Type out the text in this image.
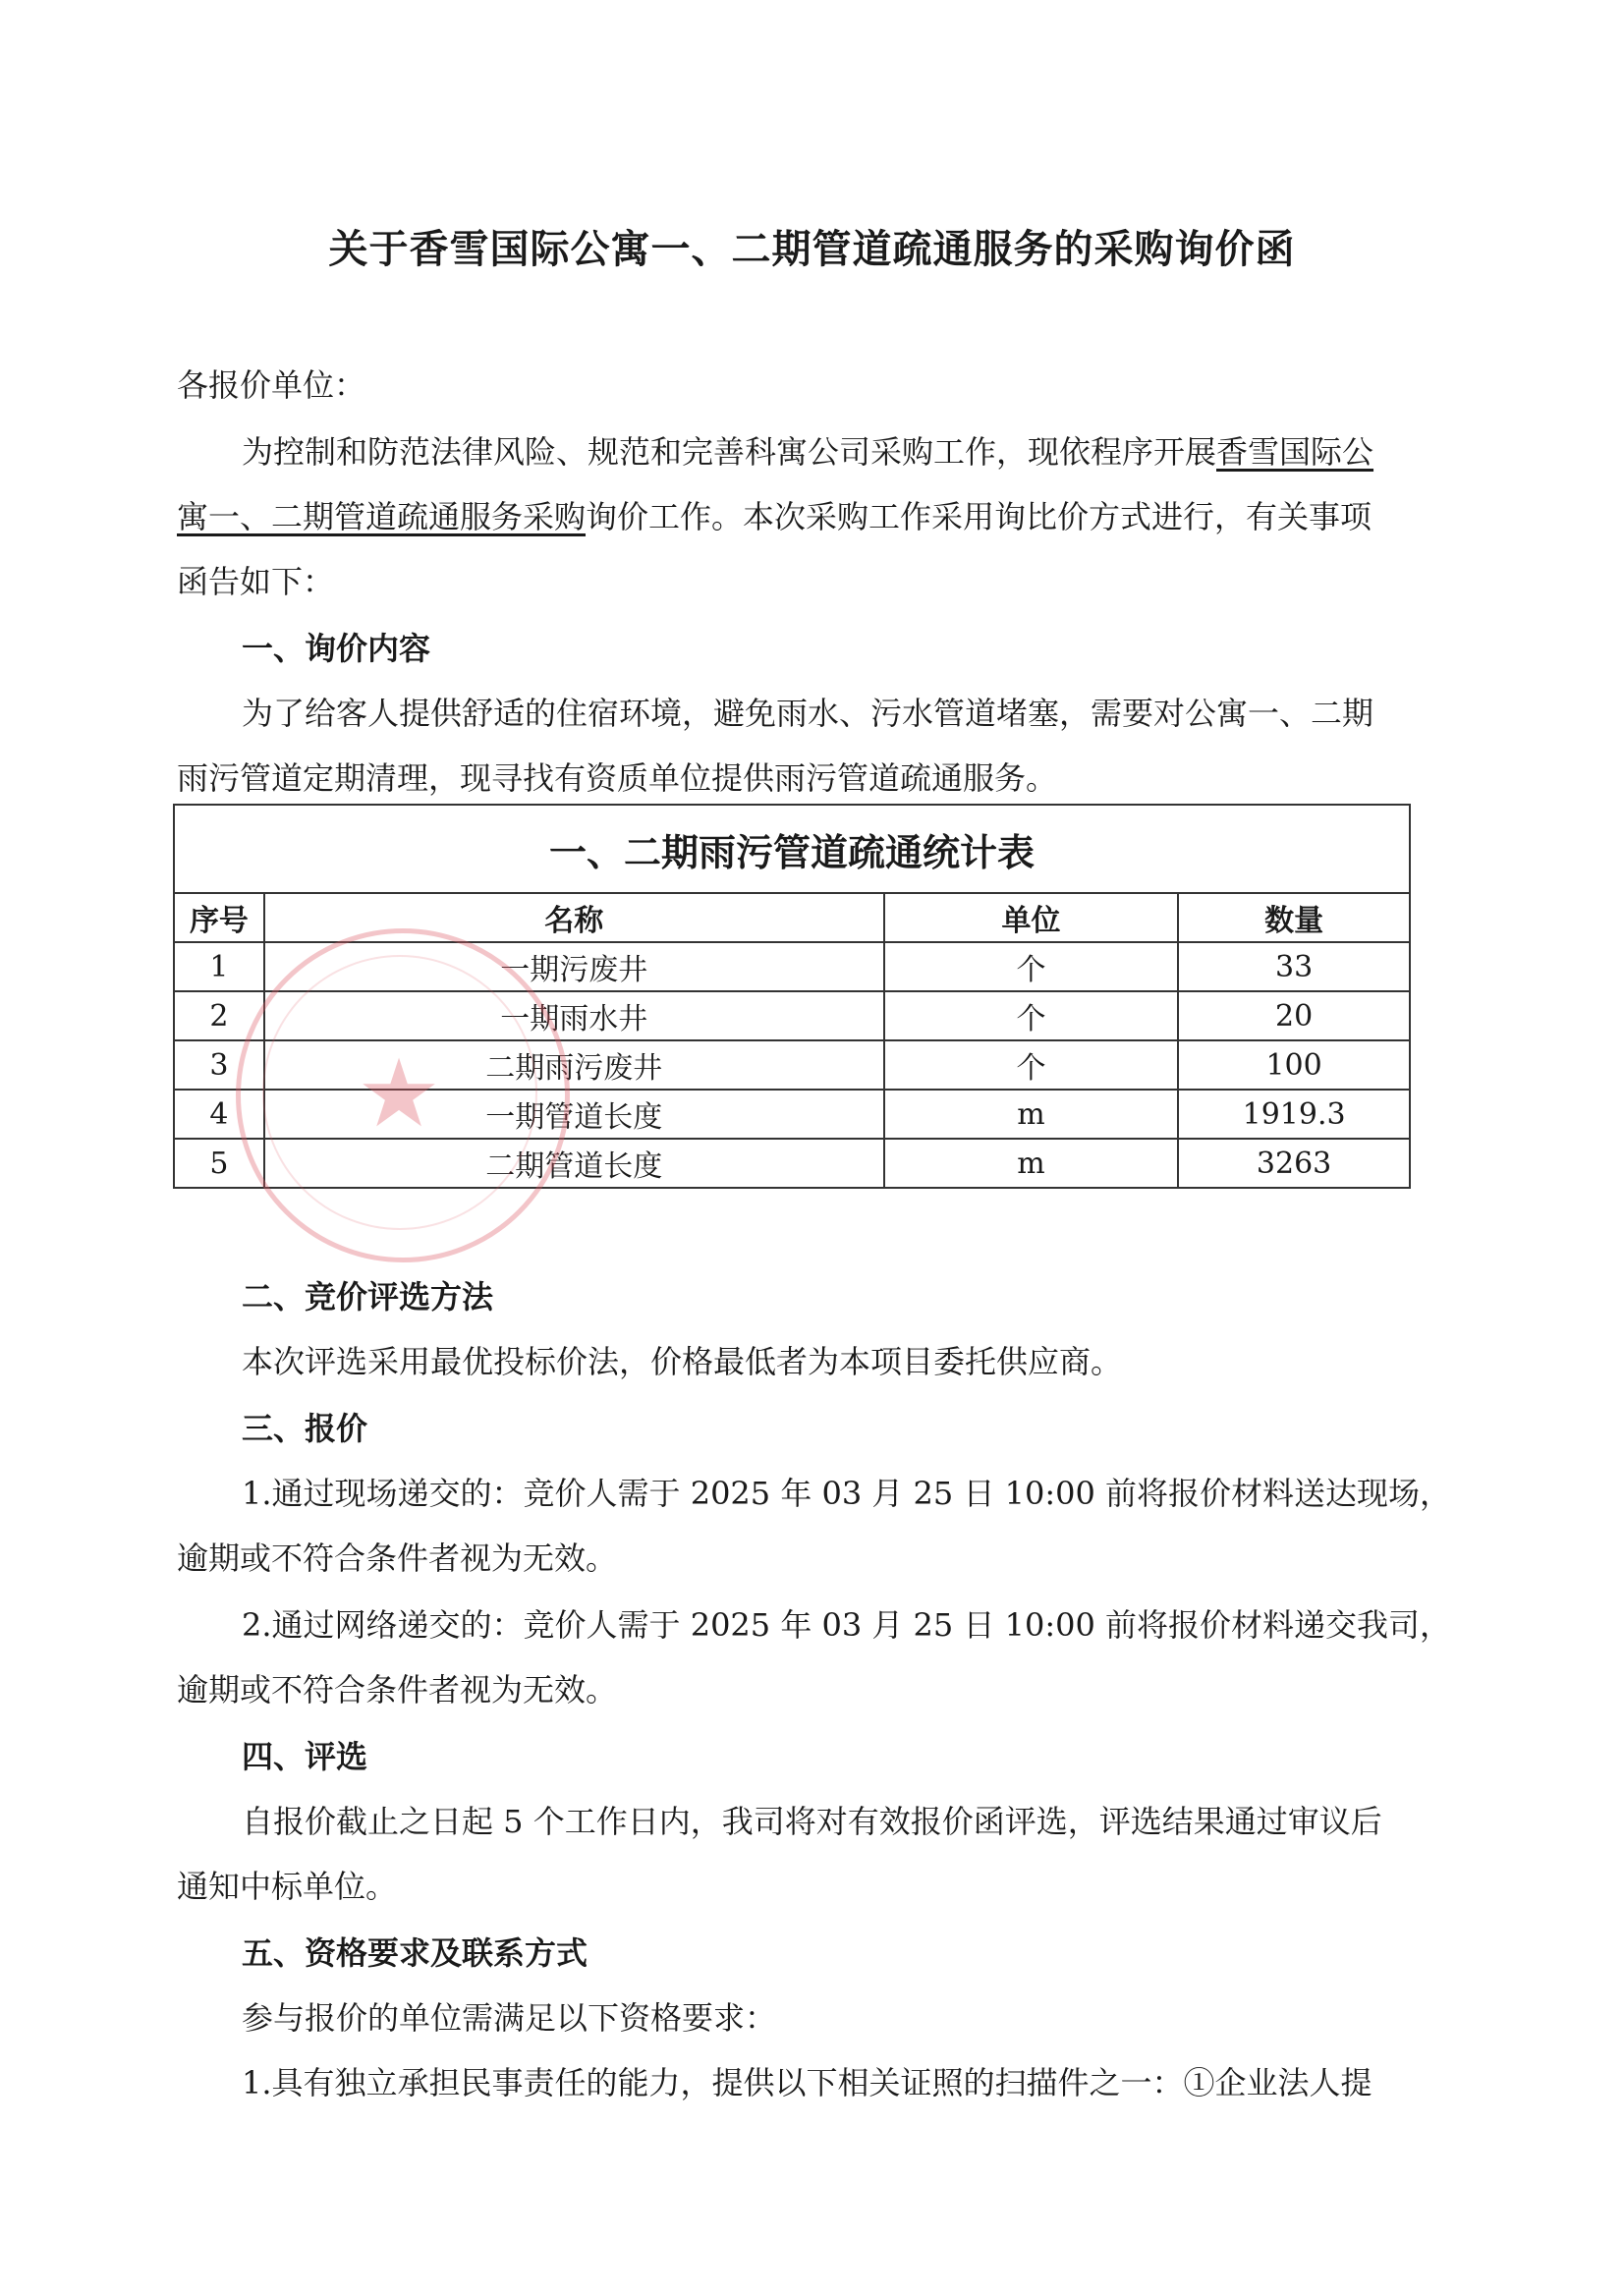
关于香雪国际公寓一、二期管道疏通服务的采购询价函
各报价单位：
为控制和防范法律风险、规范和完善科寓公司采购工作，现依程序开展香雪国际公
寓一、二期管道疏通服务采购询价工作。本次采购工作采用询比价方式进行，有关事项
函告如下：
一、询价内容
为了给客人提供舒适的住宿环境，避免雨水、污水管道堵塞，需要对公寓一、二期
雨污管道定期清理，现寻找有资质单位提供雨污管道疏通服务。
一、二期雨污管道疏通统计表			
序号	名称	单位	数量
1	一期污废井	个	33
2	一期雨水井	个	20
3	二期雨污废井	个	100
4	一期管道长度	m	1919.3
5	二期管道长度	m	3263
★
二、竞价评选方法
本次评选采用最优投标价法，价格最低者为本项目委托供应商。
三、报价
1.通过现场递交的：竞价人需于 2025 年 03 月 25 日 10:00 前将报价材料送达现场，
逾期或不符合条件者视为无效。
2.通过网络递交的：竞价人需于 2025 年 03 月 25 日 10:00 前将报价材料递交我司，
逾期或不符合条件者视为无效。
四、评选
自报价截止之日起 5 个工作日内，我司将对有效报价函评选，评选结果通过审议后
通知中标单位。
五、资格要求及联系方式
参与报价的单位需满足以下资格要求：
1.具有独立承担民事责任的能力，提供以下相关证照的扫描件之一：①企业法人提
